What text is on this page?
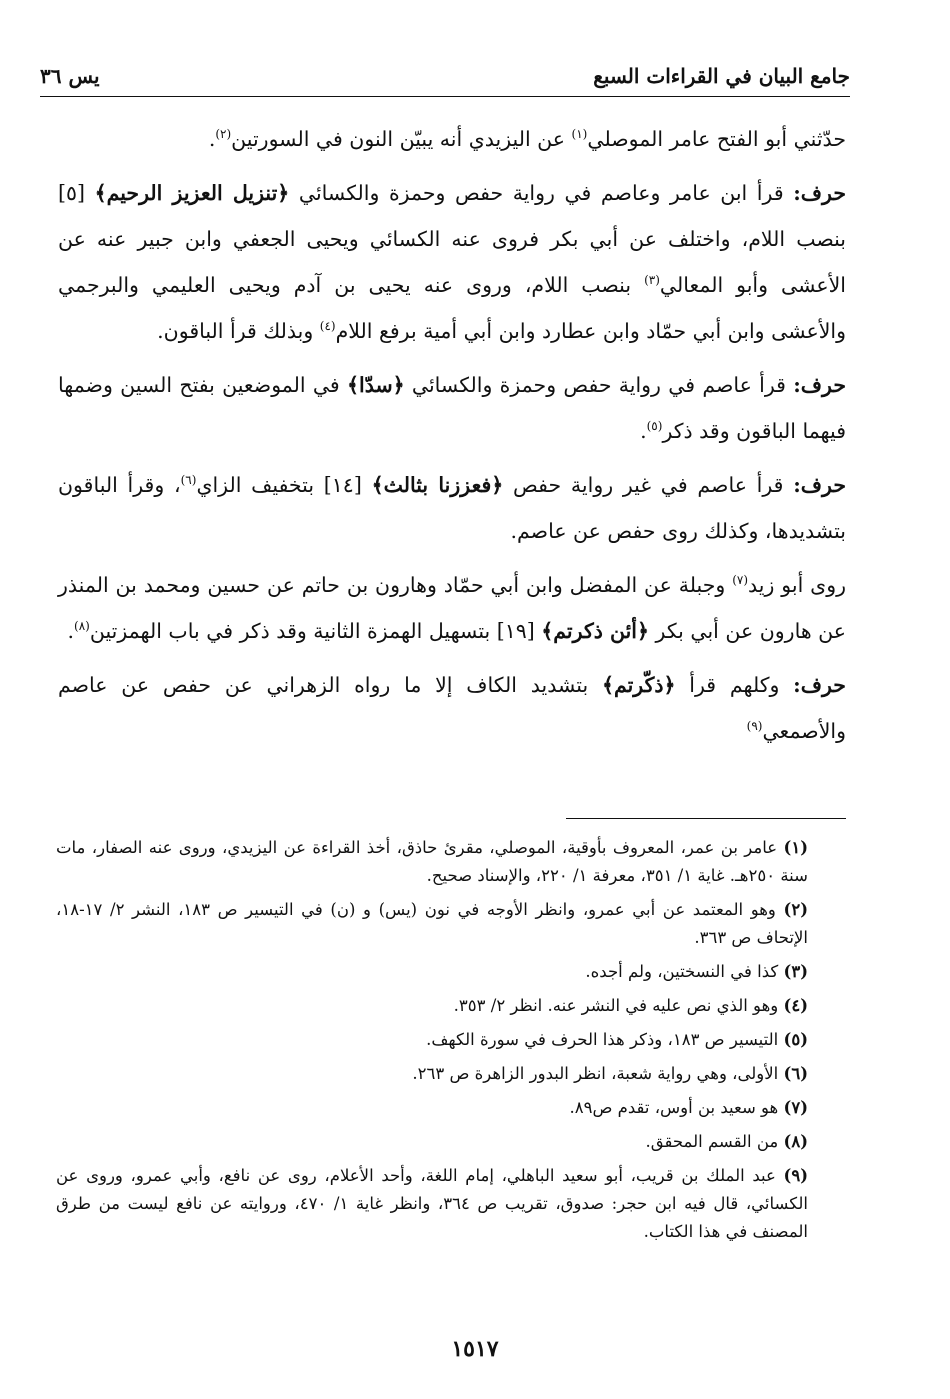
جامع البيان في القراءات السبع
يس ٣٦

حدّثني أبو الفتح عامر الموصلي$^{(١)}$ عن اليزيدي أنه يبيّن النون في السورتين$^{(٢)}$.

حرف: قرأ ابن عامر وعاصم في رواية حفص وحمزة والكسائي ﴿تنزيل العزيز الرحيم﴾ [٥] بنصب اللام، واختلف عن أبي بكر فروى عنه الكسائي ويحيى الجعفي وابن جبير عنه عن الأعشى وأبو المعالي$^{(٣)}$ بنصب اللام، وروى عنه يحيى بن آدم ويحيى العليمي والبرجمي والأعشى وابن أبي حمّاد وابن عطارد وابن أبي أمية برفع اللام$^{(٤)}$ وبذلك قرأ الباقون.

حرف: قرأ عاصم في رواية حفص وحمزة والكسائي ﴿سدّا﴾ في الموضعين بفتح السين وضمها فيهما الباقون وقد ذكر$^{(٥)}$.

حرف: قرأ عاصم في غير رواية حفص ﴿فعززنا بثالث﴾ [١٤] بتخفيف الزاي$^{(٦)}$، وقرأ الباقون بتشديدها، وكذلك روى حفص عن عاصم.

روى أبو زيد$^{(٧)}$ وجبلة عن المفضل وابن أبي حمّاد وهارون بن حاتم عن حسين ومحمد بن المنذر عن هارون عن أبي بكر ﴿أئن ذكرتم﴾ [١٩] بتسهيل الهمزة الثانية وقد ذكر في باب الهمزتين$^{(٨)}$.

حرف: وكلهم قرأ ﴿ذكّرتم﴾ بتشديد الكاف إلا ما رواه الزهراني عن حفص عن عاصم والأصمعي$^{(٩)}$

(١) عامر بن عمر، المعروف بأوقية، الموصلي، مقرئ حاذق، أخذ القراءة عن اليزيدي، وروى عنه الصفار، مات سنة ٢٥٠هـ. غاية ١/ ٣٥١، معرفة ١/ ٢٢٠، والإسناد صحيح.

(٢) وهو المعتمد عن أبي عمرو، وانظر الأوجه في نون (يس) و (ن) في التيسير ص ١٨٣، النشر ٢/ ١٧-١٨، الإتحاف ص ٣٦٣.

(٣) كذا في النسختين، ولم أجده.

(٤) وهو الذي نص عليه في النشر عنه. انظر ٢/ ٣٥٣.

(٥) التيسير ص ١٨٣، وذكر هذا الحرف في سورة الكهف.

(٦) الأولى، وهي رواية شعبة، انظر البدور الزاهرة ص ٢٦٣.

(٧) هو سعيد بن أوس، تقدم ص٨٩.

(٨) من القسم المحقق.

(٩) عبد الملك بن قريب، أبو سعيد الباهلي، إمام اللغة، وأحد الأعلام، روى عن نافع، وأبي عمرو، وروى عن الكسائي، قال فيه ابن حجر: صدوق، تقريب ص ٣٦٤، وانظر غاية ١/ ٤٧٠، وروايته عن نافع ليست من طرق المصنف في هذا الكتاب.

١٥١٧
